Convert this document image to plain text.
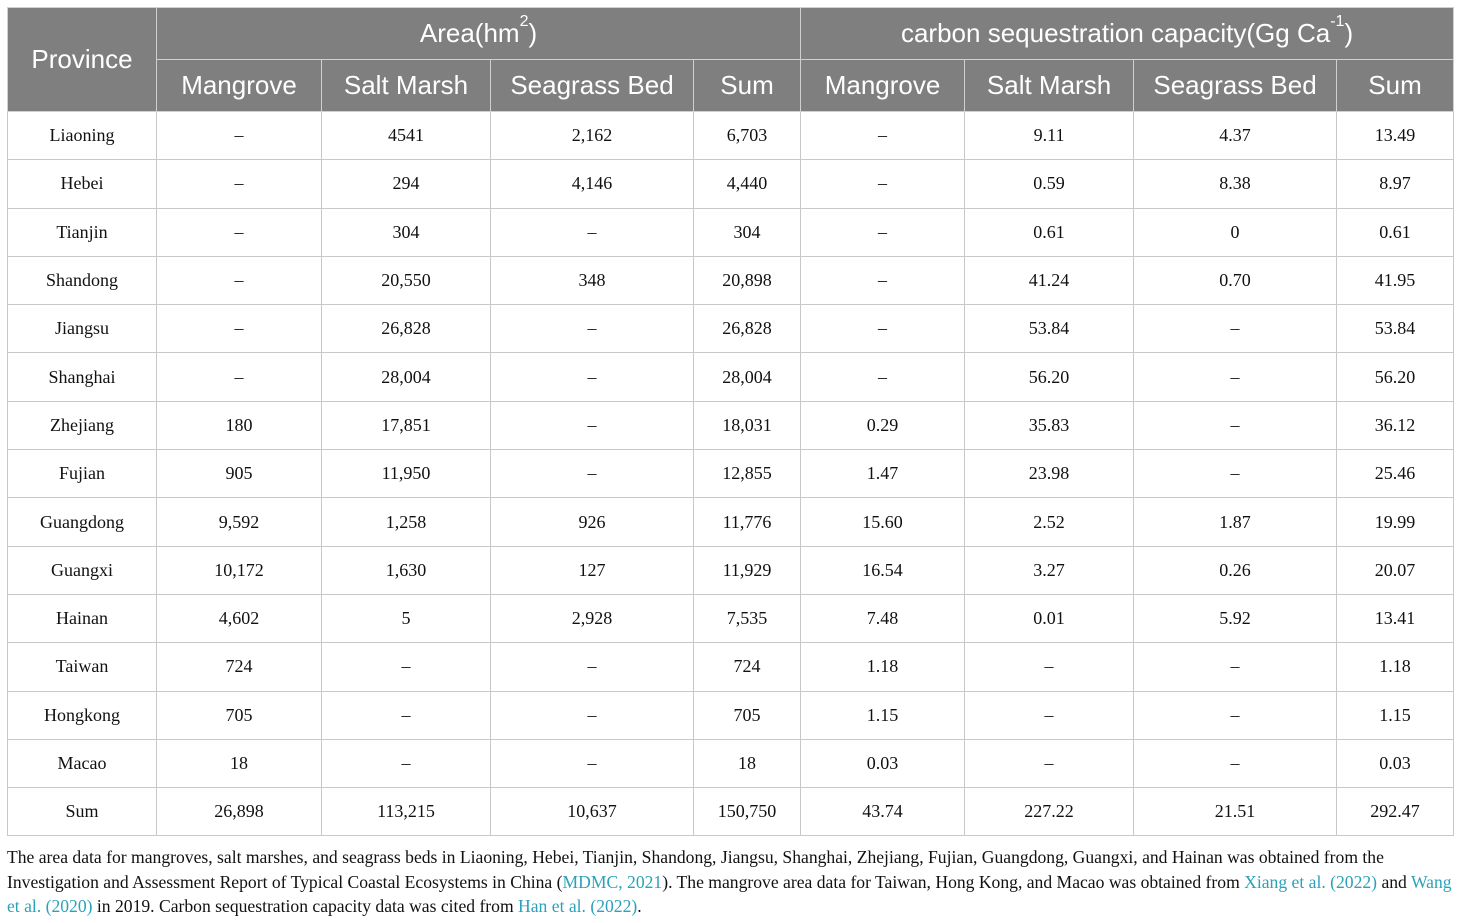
Province	$Area(hm^2)$				carbon sequestration capacity(Gg $Ca^{-1}$)			
	Mangrove	Salt Marsh	Seagrass Bed	Sum	Mangrove	Salt Marsh	Seagrass Bed	Sum
Liaoning	–	4541	2,162	6,703	–	9.11	4.37	13.49
Hebei	–	294	4,146	4,440	–	0.59	8.38	8.97
Tianjin	–	304	–	304	–	0.61	0	0.61
Shandong	–	20,550	348	20,898	–	41.24	0.70	41.95
Jiangsu	–	26,828	–	26,828	–	53.84	–	53.84
Shanghai	–	28,004	–	28,004	–	56.20	–	56.20
Zhejiang	180	17,851	–	18,031	0.29	35.83	–	36.12
Fujian	905	11,950	–	12,855	1.47	23.98	–	25.46
Guangdong	9,592	1,258	926	11,776	15.60	2.52	1.87	19.99
Guangxi	10,172	1,630	127	11,929	16.54	3.27	0.26	20.07
Hainan	4,602	5	2,928	7,535	7.48	0.01	5.92	13.41
Taiwan	724	–	–	724	1.18	–	–	1.18
Hongkong	705	–	–	705	1.15	–	–	1.15
Macao	18	–	–	18	0.03	–	–	0.03
Sum	26,898	113,215	10,637	150,750	43.74	227.22	21.51	292.47
The area data for mangroves, salt marshes, and seagrass beds in Liaoning, Hebei, Tianjin, Shandong, Jiangsu, Shanghai, Zhejiang, Fujian, Guangdong, Guangxi, and Hainan was obtained from the Investigation and Assessment Report of Typical Coastal Ecosystems in China (MDMC, 2021). The mangrove area data for Taiwan, Hong Kong, and Macao was obtained from Xiang et al. (2022) and Wang et al. (2020) in 2019. Carbon sequestration capacity data was cited from Han et al. (2022).
